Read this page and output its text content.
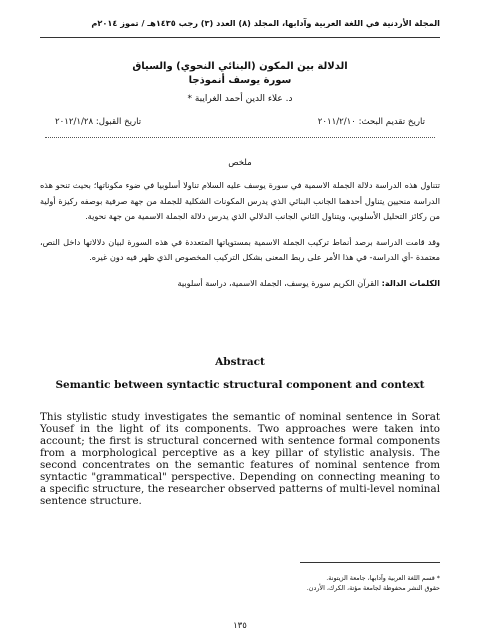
المجلة الأردنية في اللغة العربية وآدابها، المجلد (٨) العدد (٣) رجب ١٤٣٥هـ / تموز ٢٠١٤م
الدلالة بين المكون (البنائي النحوي) والسياق
سورة يوسف أنموذجا
د. علاء الدين أحمد الغرايبة *
تاريخ تقديم البحث: ٢٠١١/٢/١٠
تاريخ القبول: ٢٠١٢/١/٢٨
ملخص

تتناول هذه الدراسة دلالة الجملة الاسمية في سورة يوسف عليه السلام تناولا أسلوبيا في ضوء مكوناتها؛ بحيث تنحو هذه الدراسة منحيين يتناول أحدهما الجانب البنائي الذي يدرس المكونات الشكلية للجملة من جهة صرفية بوصفه ركيزة أولية من ركائز التحليل الأسلوبي، ويتناول الثاني الجانب الدلالي الذي يدرس دلالة الجملة الاسمية من جهة نحوية.

وقد قامت الدراسة برصد أنماط تركيب الجملة الاسمية بمستوياتها المتعددة في هذه السورة لبيان دلالاتها داخل النص، معتمدة -أي الدراسة- في هذا الأمر على ربط المعنى بشكل التركيب المخصوص الذي ظهر فيه دون غيره.

الكلمات الدالة: القرآن الكريم سورة يوسف، الجملة الاسمية، دراسة أسلوبية
Abstract
Semantic between syntactic structural component and context
This stylistic study investigates the semantic of nominal sentence in Sorat Yousef in the light of its components. Two approaches were taken into account; the first is structural concerned with sentence formal components from a morphological perceptive as a key pillar of stylistic analysis. The second concentrates on the semantic features of nominal sentence from syntactic "grammatical" perspective. Depending on connecting meaning to a specific structure, the researcher observed patterns of multi-level nominal sentence structure.
* قسم اللغة العربية وآدابها، جامعة الزيتونة.
حقوق النشر محفوظة لجامعة مؤتة، الكرك، الأردن.
١٣٥
